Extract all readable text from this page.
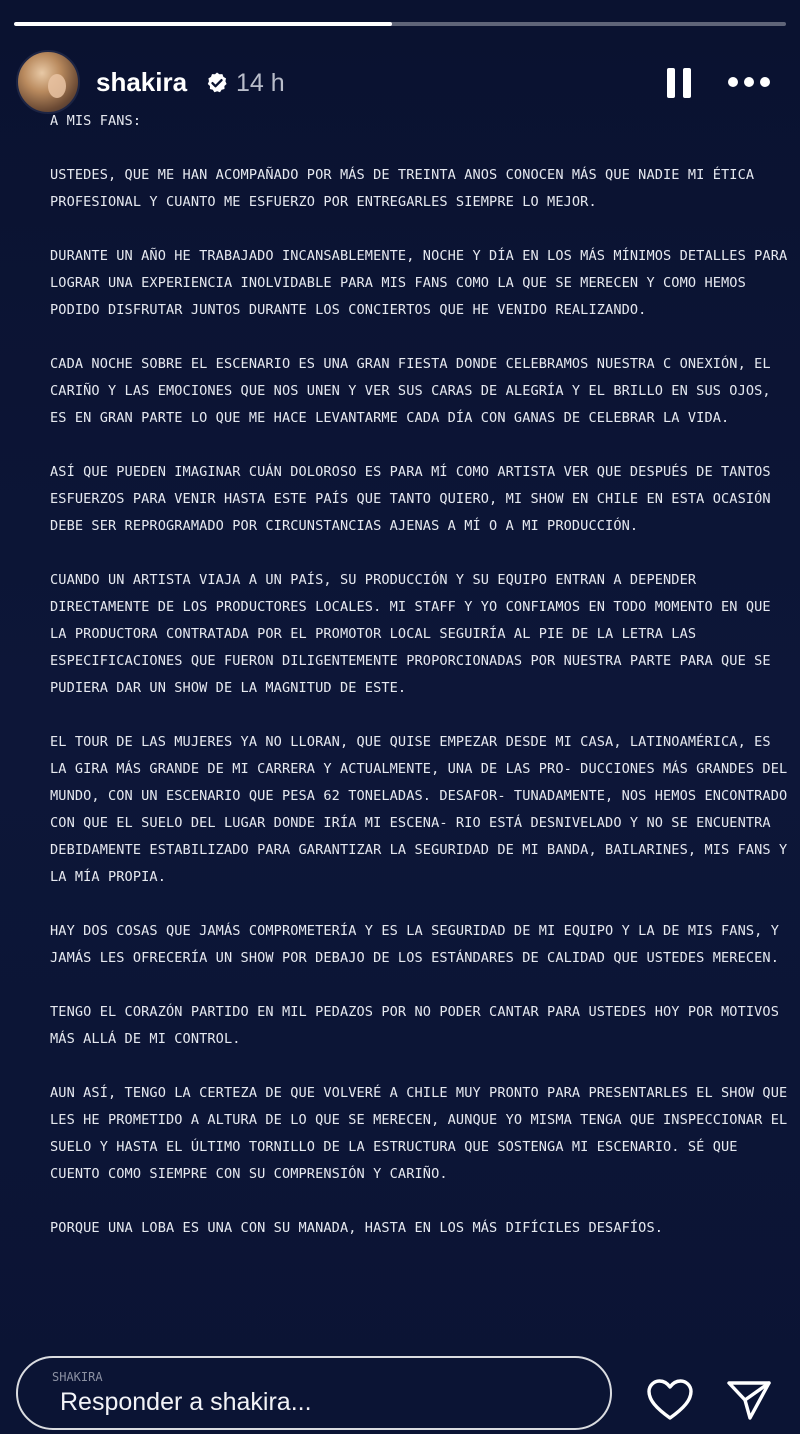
shakira 14 h

A MIS FANS:

USTEDES, QUE ME HAN ACOMPAÑADO POR MÁS DE TREINTA ANOS CONOCEN MÁS QUE NADIE MI ÉTICA PROFESIONAL Y CUANTO ME ESFUERZO POR ENTREGARLES SIEMPRE LO MEJOR.

DURANTE UN AÑO HE TRABAJADO INCANSABLEMENTE, NOCHE Y DÍA EN LOS MÁS MÍNIMOS DETALLES PARA LOGRAR UNA EXPERIENCIA INOLVIDABLE PARA MIS FANS COMO LA QUE SE MERECEN Y COMO HEMOS PODIDO DISFRUTAR JUNTOS DURANTE LOS CONCIERTOS QUE HE VENIDO REALIZANDO.

CADA NOCHE SOBRE EL ESCENARIO ES UNA GRAN FIESTA DONDE CELEBRAMOS NUESTRA C ONEXIÓN, EL CARIÑO Y LAS EMOCIONES QUE NOS UNEN Y VER SUS CARAS DE ALEGRÍA Y EL BRILLO EN SUS OJOS, ES EN GRAN PARTE LO QUE ME HACE LEVANTARME CADA DÍA CON GANAS DE CELEBRAR LA VIDA.

ASÍ QUE PUEDEN IMAGINAR CUÁN DOLOROSO ES PARA MÍ COMO ARTISTA VER QUE DESPUÉS DE TANTOS ESFUERZOS PARA VENIR HASTA ESTE PAÍS QUE TANTO QUIERO, MI SHOW EN CHILE EN ESTA OCASIÓN DEBE SER REPROGRAMADO POR CIRCUNSTANCIAS AJENAS A MÍ O A MI PRODUCCIÓN.

CUANDO UN ARTISTA VIAJA A UN PAÍS, SU PRODUCCIÓN Y SU EQUIPO ENTRAN A DEPENDER DIRECTAMENTE DE LOS PRODUCTORES LOCALES. MI STAFF Y YO CONFIAMOS EN TODO MOMENTO EN QUE LA PRODUCTORA CONTRATADA POR EL PROMOTOR LOCAL SEGUIRÍA AL PIE DE LA LETRA LAS ESPECIFICACIONES QUE FUERON DILIGENTEMENTE PROPORCIONADAS POR NUESTRA PARTE PARA QUE SE PUDIERA DAR UN SHOW DE LA MAGNITUD DE ESTE.

EL TOUR DE LAS MUJERES YA NO LLORAN, QUE QUISE EMPEZAR DESDE MI CASA, LATINOAMÉRICA, ES LA GIRA MÁS GRANDE DE MI CARRERA Y ACTUALMENTE, UNA DE LAS PRO- DUCCIONES MÁS GRANDES DEL MUNDO, CON UN ESCENARIO QUE PESA 62 TONELADAS. DESAFOR- TUNADAMENTE, NOS HEMOS ENCONTRADO CON QUE EL SUELO DEL LUGAR DONDE IRÍA MI ESCENA- RIO ESTÁ DESNIVELADO Y NO SE ENCUENTRA DEBIDAMENTE ESTABILIZADO PARA GARANTIZAR LA SEGURIDAD DE MI BANDA, BAILARINES, MIS FANS Y LA MÍA PROPIA.

HAY DOS COSAS QUE JAMÁS COMPROMETERÍA Y ES LA SEGURIDAD DE MI EQUIPO Y LA DE MIS FANS, Y JAMÁS LES OFRECERÍA UN SHOW POR DEBAJO DE LOS ESTÁNDARES DE CALIDAD QUE USTEDES MERECEN.

TENGO EL CORAZÓN PARTIDO EN MIL PEDAZOS POR NO PODER CANTAR PARA USTEDES HOY POR MOTIVOS MÁS ALLÁ DE MI CONTROL.

AUN ASÍ, TENGO LA CERTEZA DE QUE VOLVERÉ A CHILE MUY PRONTO PARA PRESENTARLES EL SHOW QUE LES HE PROMETIDO A ALTURA DE LO QUE SE MERECEN, AUNQUE YO MISMA TENGA QUE INSPECCIONAR EL SUELO Y HASTA EL ÚLTIMO TORNILLO DE LA ESTRUCTURA QUE SOSTENGA MI ESCENARIO. SÉ QUE CUENTO COMO SIEMPRE CON SU COMPRENSIÓN Y CARIÑO.

PORQUE UNA LOBA ES UNA CON SU MANADA, HASTA EN LOS MÁS DIFÍCILES DESAFÍOS.

SHAKIRA
Responder a shakira...
